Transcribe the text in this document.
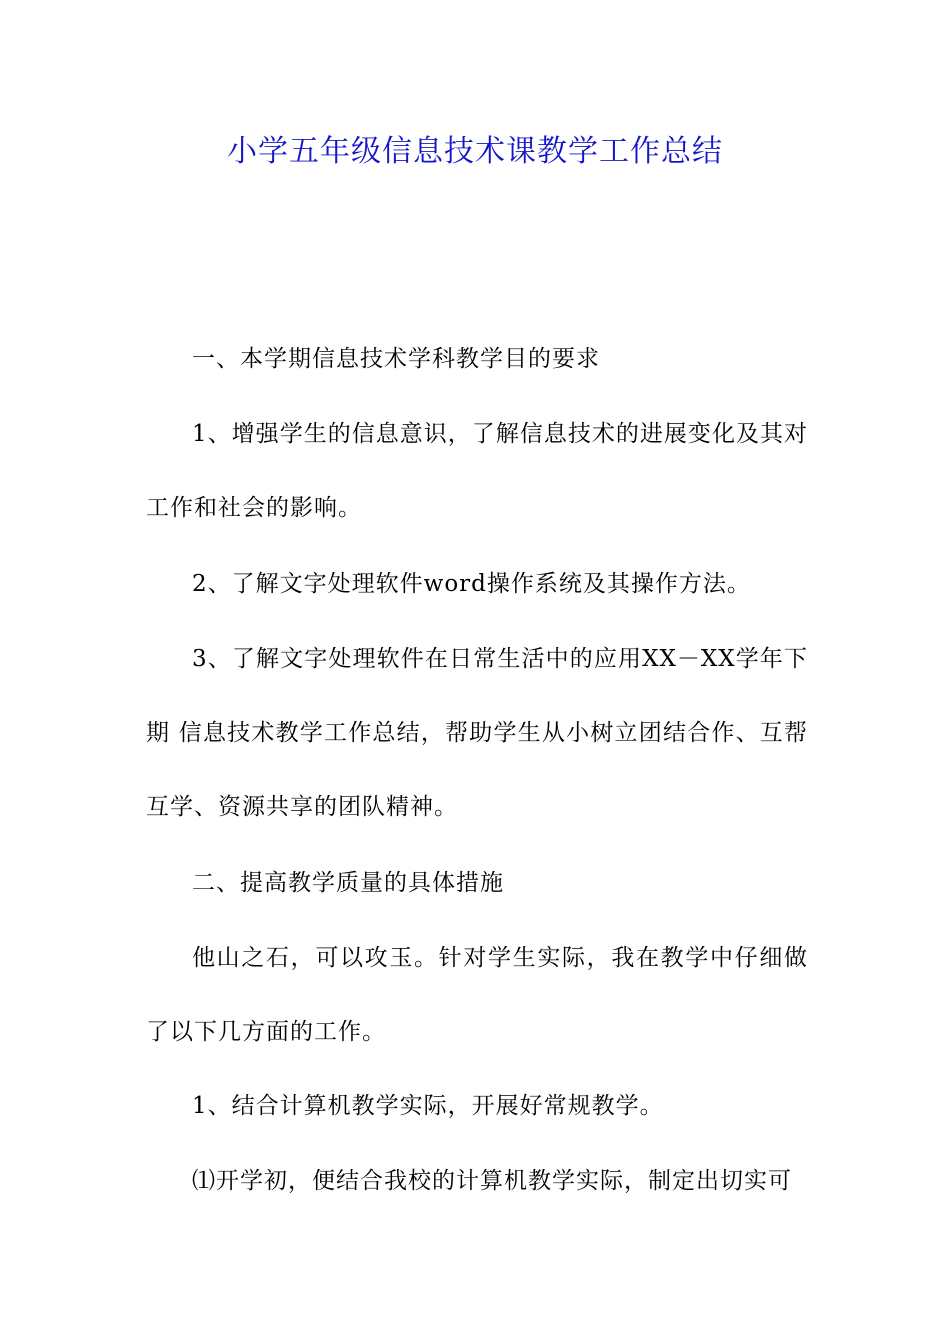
小学五年级信息技术课教学工作总结

一、本学期信息技术学科教学目的要求

1、增强学生的信息意识，了解信息技术的进展变化及其对工作和社会的影响。

2、了解文字处理软件word操作系统及其操作方法。

3、了解文字处理软件在日常生活中的应用XX－XX学年下期 信息技术教学工作总结，帮助学生从小树立团结合作、互帮互学、资源共享的团队精神。

二、提高教学质量的具体措施

他山之石，可以攻玉。针对学生实际，我在教学中仔细做了以下几方面的工作。

1、结合计算机教学实际，开展好常规教学。

⑴开学初，便结合我校的计算机教学实际，制定出切实可
